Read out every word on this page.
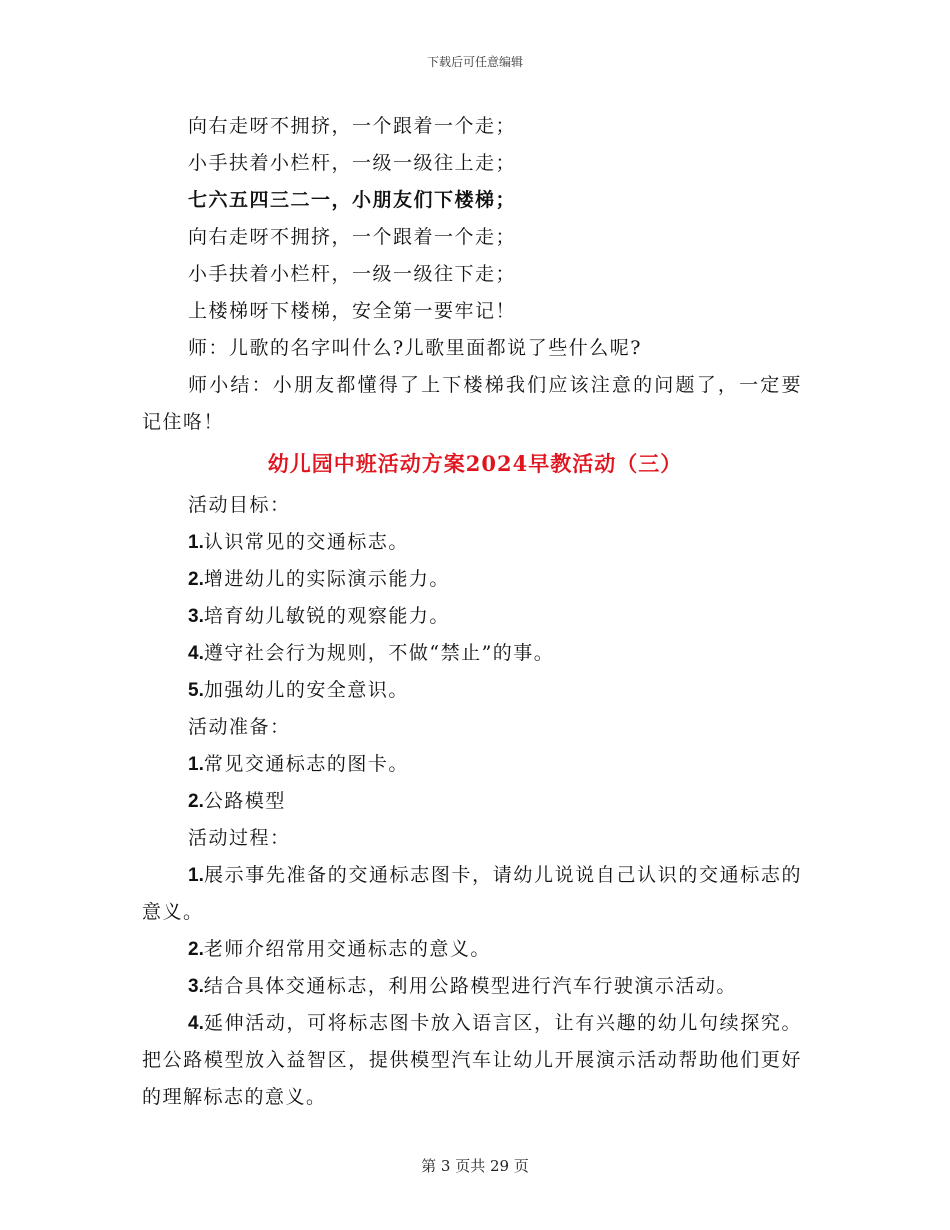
下载后可任意编辑
向右走呀不拥挤，一个跟着一个走；
小手扶着小栏杆，一级一级往上走；
七六五四三二一，小朋友们下楼梯；
向右走呀不拥挤，一个跟着一个走；
小手扶着小栏杆，一级一级往下走；
上楼梯呀下楼梯，安全第一要牢记！
师：儿歌的名字叫什么?儿歌里面都说了些什么呢?
师小结：小朋友都懂得了上下楼梯我们应该注意的问题了，一定要记住咯！
幼儿园中班活动方案2024早教活动（三）
活动目标：
1.认识常见的交通标志。
2.增进幼儿的实际演示能力。
3.培育幼儿敏锐的观察能力。
4.遵守社会行为规则，不做“禁止”的事。
5.加强幼儿的安全意识。
活动准备：
1.常见交通标志的图卡。
2.公路模型
活动过程：
1.展示事先准备的交通标志图卡，请幼儿说说自己认识的交通标志的意义。
2.老师介绍常用交通标志的意义。
3.结合具体交通标志，利用公路模型进行汽车行驶演示活动。
4.延伸活动，可将标志图卡放入语言区，让有兴趣的幼儿句续探究。把公路模型放入益智区，提供模型汽车让幼儿开展演示活动帮助他们更好的理解标志的意义。
第 3 页共 29 页
